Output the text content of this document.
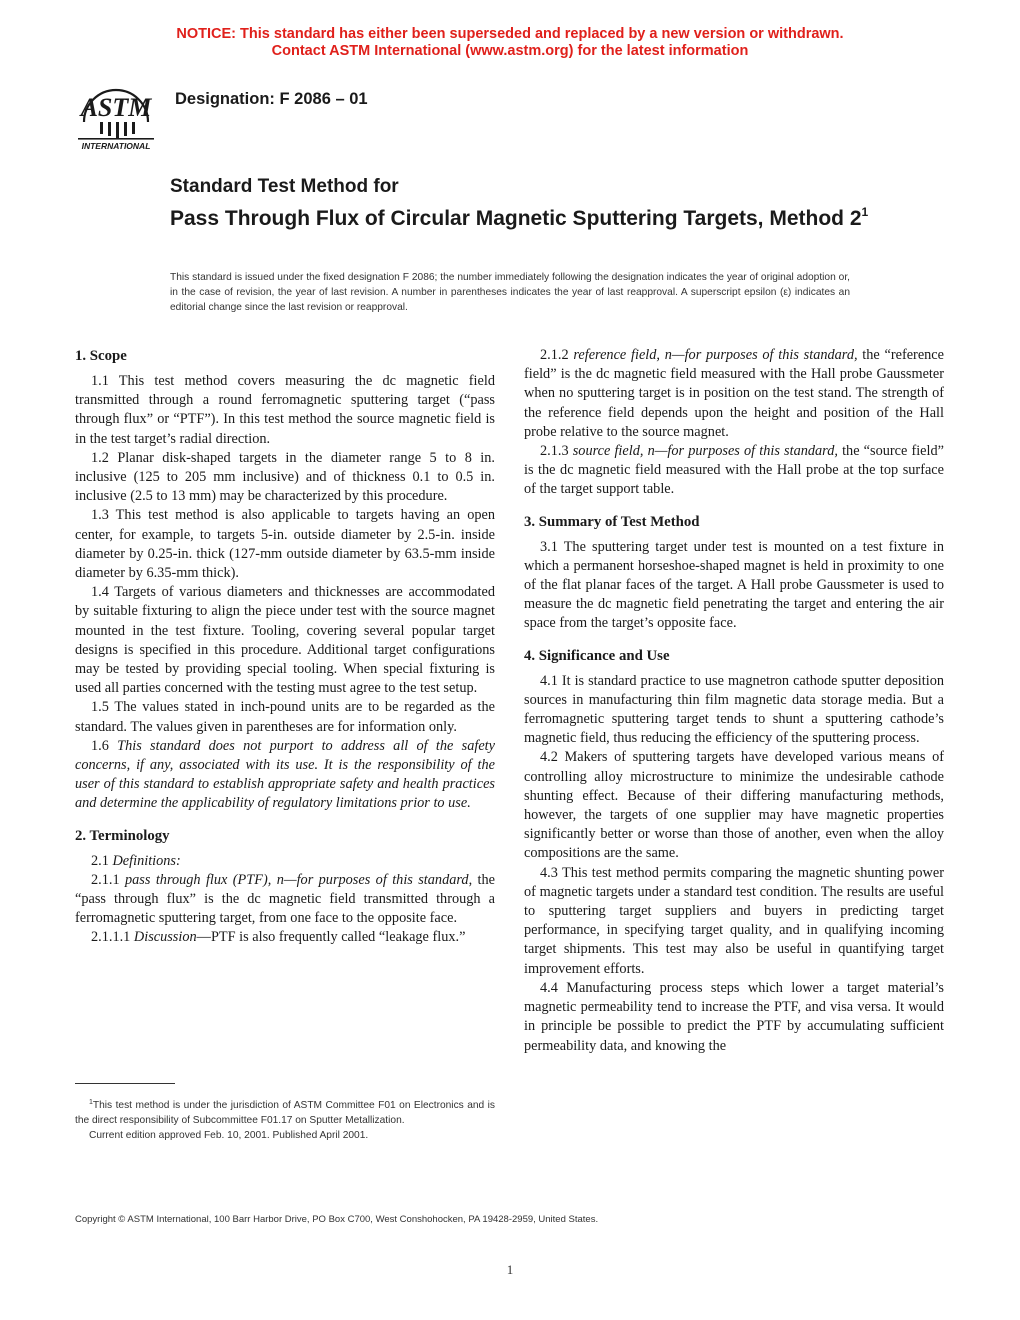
NOTICE: This standard has either been superseded and replaced by a new version or withdrawn.
Contact ASTM International (www.astm.org) for the latest information
ASTM
INTERNATIONAL
Designation: F 2086 – 01
Standard Test Method for
Pass Through Flux of Circular Magnetic Sputtering Targets, Method $2^1$
This standard is issued under the fixed designation F 2086; the number immediately following the designation indicates the year of original adoption or, in the case of revision, the year of last revision. A number in parentheses indicates the year of last reapproval. A superscript epsilon (ε) indicates an editorial change since the last revision or reapproval.
1. Scope

1.1 This test method covers measuring the dc magnetic field transmitted through a round ferromagnetic sputtering target (“pass through flux” or “PTF”). In this test method the source magnetic field is in the test target’s radial direction.

1.2 Planar disk-shaped targets in the diameter range 5 to 8 in. inclusive (125 to 205 mm inclusive) and of thickness 0.1 to 0.5 in. inclusive (2.5 to 13 mm) may be characterized by this procedure.

1.3 This test method is also applicable to targets having an open center, for example, to targets 5-in. outside diameter by 2.5-in. inside diameter by 0.25-in. thick (127-mm outside diameter by 63.5-mm inside diameter by 6.35-mm thick).

1.4 Targets of various diameters and thicknesses are accommodated by suitable fixturing to align the piece under test with the source magnet mounted in the test fixture. Tooling, covering several popular target designs is specified in this procedure. Additional target configurations may be tested by providing special tooling. When special fixturing is used all parties concerned with the testing must agree to the test setup.

1.5 The values stated in inch-pound units are to be regarded as the standard. The values given in parentheses are for information only.

1.6 This standard does not purport to address all of the safety concerns, if any, associated with its use. It is the responsibility of the user of this standard to establish appropriate safety and health practices and determine the applicability of regulatory limitations prior to use.

2. Terminology

2.1 Definitions:

2.1.1 pass through flux (PTF), n—for purposes of this standard, the “pass through flux” is the dc magnetic field transmitted through a ferromagnetic sputtering target, from one face to the opposite face.

2.1.1.1 Discussion—PTF is also frequently called “leakage flux.”

2.1.2 reference field, n—for purposes of this standard, the “reference field” is the dc magnetic field measured with the Hall probe Gaussmeter when no sputtering target is in position on the test stand. The strength of the reference field depends upon the height and position of the Hall probe relative to the source magnet.

2.1.3 source field, n—for purposes of this standard, the “source field” is the dc magnetic field measured with the Hall probe at the top surface of the target support table.

3. Summary of Test Method

3.1 The sputtering target under test is mounted on a test fixture in which a permanent horseshoe-shaped magnet is held in proximity to one of the flat planar faces of the target. A Hall probe Gaussmeter is used to measure the dc magnetic field penetrating the target and entering the air space from the target’s opposite face.

4. Significance and Use

4.1 It is standard practice to use magnetron cathode sputter deposition sources in manufacturing thin film magnetic data storage media. But a ferromagnetic sputtering target tends to shunt a sputtering cathode’s magnetic field, thus reducing the efficiency of the sputtering process.

4.2 Makers of sputtering targets have developed various means of controlling alloy microstructure to minimize the undesirable cathode shunting effect. Because of their differing manufacturing methods, however, the targets of one supplier may have magnetic properties significantly better or worse than those of another, even when the alloy compositions are the same.

4.3 This test method permits comparing the magnetic shunting power of magnetic targets under a standard test condition. The results are useful to sputtering target suppliers and buyers in predicting target performance, in specifying target quality, and in qualifying incoming target shipments. This test may also be useful in quantifying target improvement efforts.

4.4 Manufacturing process steps which lower a target material’s magnetic permeability tend to increase the PTF, and visa versa. It would in principle be possible to predict the PTF by accumulating sufficient permeability data, and knowing the

$^1$This test method is under the jurisdiction of ASTM Committee F01 on Electronics and is the direct responsibility of Subcommittee F01.17 on Sputter Metallization.

Current edition approved Feb. 10, 2001. Published April 2001.

Copyright © ASTM International, 100 Barr Harbor Drive, PO Box C700, West Conshohocken, PA 19428-2959, United States.
1
